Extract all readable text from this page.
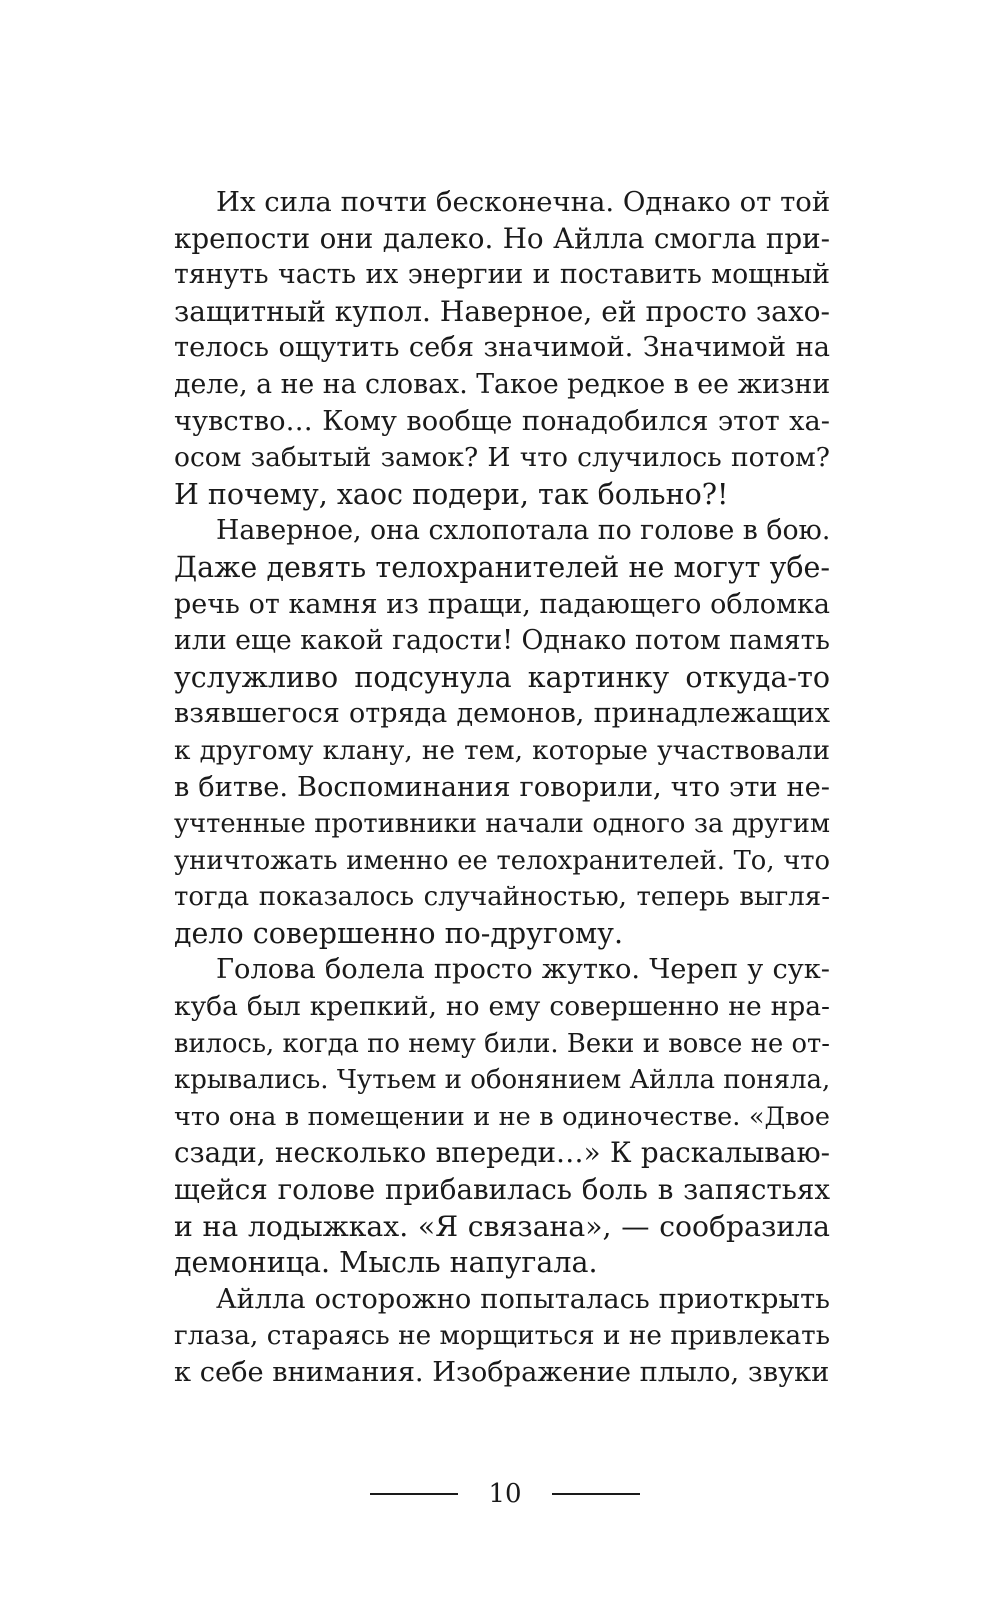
Их сила почти бесконечна. Однако от той
крепости они далеко. Но Айлла смогла при-
тянуть часть их энергии и поставить мощный
защитный купол. Наверное, ей просто захо-
телось ощутить себя значимой. Значимой на
деле, а не на словах. Такое редкое в ее жизни
чувство… Кому вообще понадобился этот ха-
осом забытый замок? И что случилось потом?
И почему, хаос подери, так больно?!
Наверное, она схлопотала по голове в бою.
Даже девять телохранителей не могут убе-
речь от камня из пращи, падающего обломка
или еще какой гадости! Однако потом память
услужливо подсунула картинку откуда-то
взявшегося отряда демонов, принадлежащих
к другому клану, не тем, которые участвовали
в битве. Воспоминания говорили, что эти не-
учтенные противники начали одного за другим
уничтожать именно ее телохранителей. То, что
тогда показалось случайностью, теперь выгля-
дело совершенно по-другому.
Голова болела просто жутко. Череп у сук-
куба был крепкий, но ему совершенно не нра-
вилось, когда по нему били. Веки и вовсе не от-
крывались. Чутьем и обонянием Айлла поняла,
что она в помещении и не в одиночестве. «Двое
сзади, несколько впереди…» К раскалываю-
щейся голове прибавилась боль в запястьях
и на лодыжках. «Я связана», — сообразила
демоница. Мысль напугала.
Айлла осторожно попыталась приоткрыть
глаза, стараясь не морщиться и не привлекать
к себе внимания. Изображение плыло, звуки
10
